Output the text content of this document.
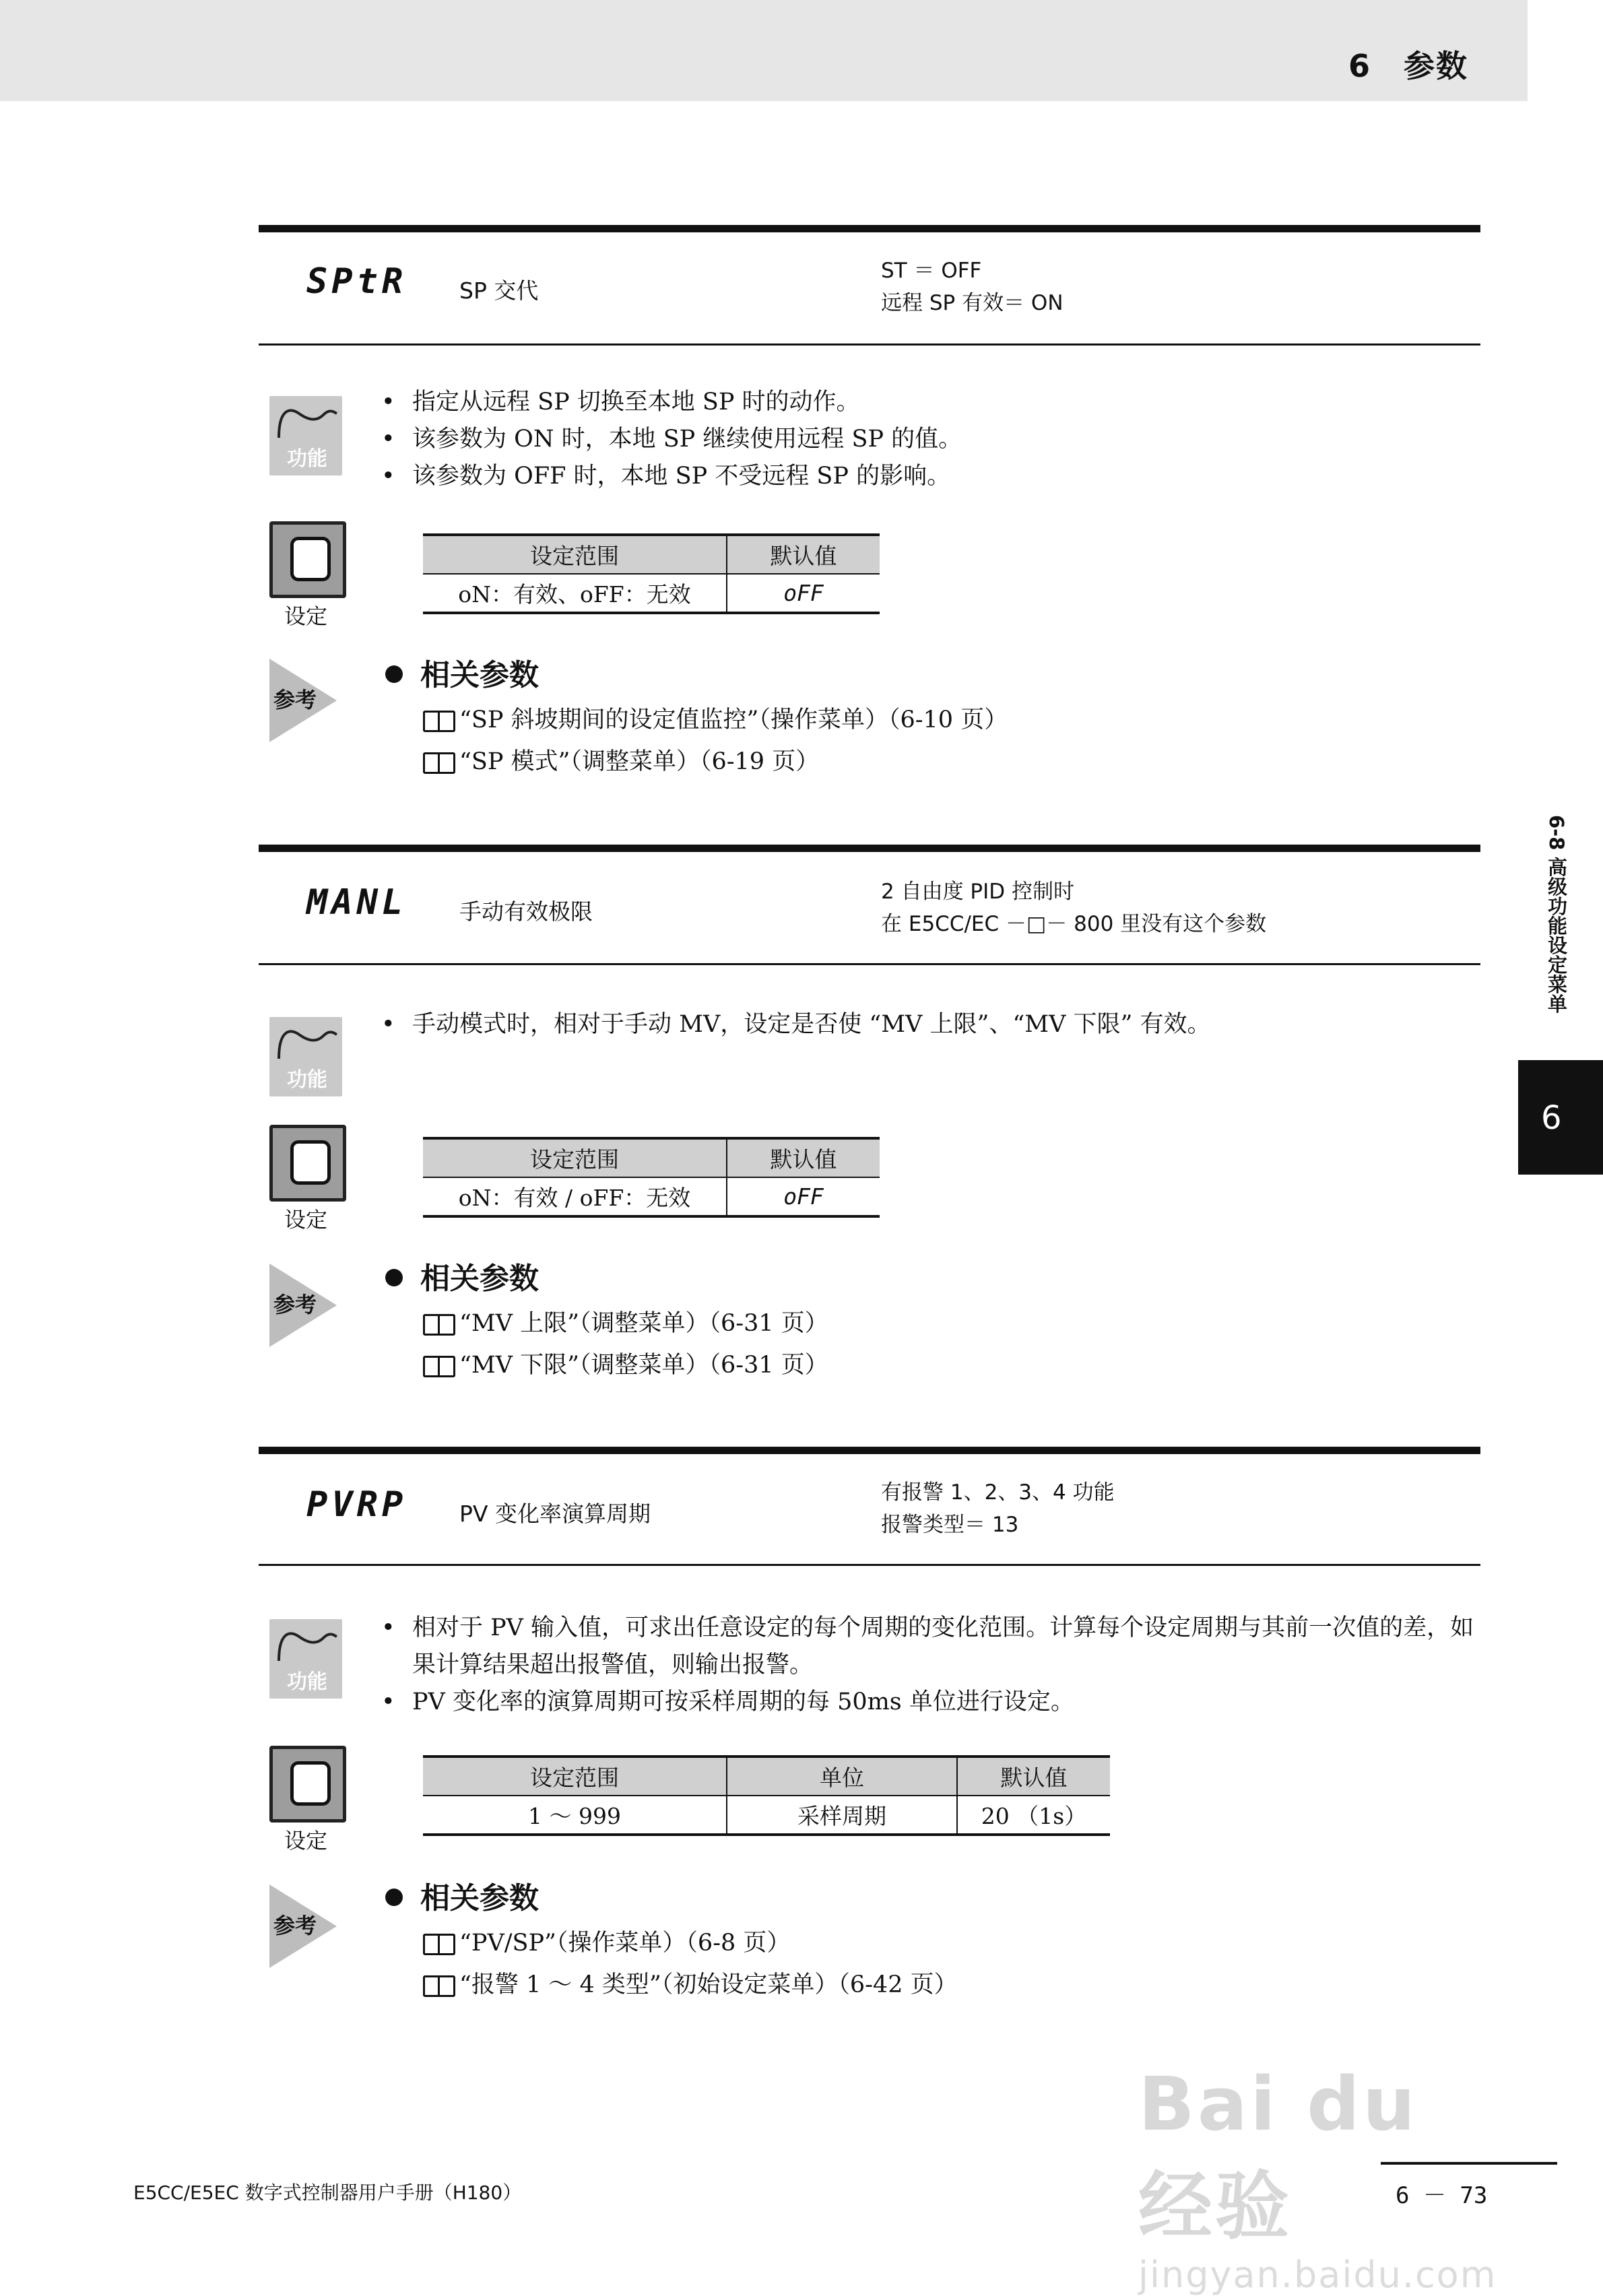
6　参数
6-8 高级功能设定菜单
6
SPtR SP 交代
ST ＝ OFF
远程 SP 有效＝ ON
功能
• 指定从远程 SP 切换至本地 SP 时的动作。
• 该参数为 ON 时，本地 SP 继续使用远程 SP 的值。
• 该参数为 OFF 时，本地 SP 不受远程 SP 的影响。
设定
设定范围	默认值
oN：有效、oFF：无效	oFF
参考
相关参数
“SP 斜坡期间的设定值监控”（操作菜单）（6-10 页）
“SP 模式”（调整菜单）（6-19 页）
MANL 手动有效极限
2 自由度 PID 控制时
在 E5CC/EC －□－ 800 里没有这个参数
功能
• 手动模式时，相对于手动 MV，设定是否使 “MV 上限”、“MV 下限” 有效。
设定
设定范围	默认值
oN：有效 / oFF：无效	oFF
参考
相关参数
“MV 上限”（调整菜单）（6-31 页）
“MV 下限”（调整菜单）（6-31 页）
PVRP PV 变化率演算周期
有报警 1、2、3、4 功能
报警类型＝ 13
功能
• 相对于 PV 输入值，可求出任意设定的每个周期的变化范围。计算每个设定周期与其前一次值的差，如果计算结果超出报警值，则输出报警。
• PV 变化率的演算周期可按采样周期的每 50ms 单位进行设定。
设定
设定范围	单位	默认值
1 ～ 999	采样周期	20 （1s）
参考
相关参数
“PV/SP”（操作菜单）（6-8 页）
“报警 1 ～ 4 类型”（初始设定菜单）（6-42 页）
Bai du 经验
jingyan.baidu.com
E5CC/E5EC 数字式控制器用户手册（H180）	6 － 73
